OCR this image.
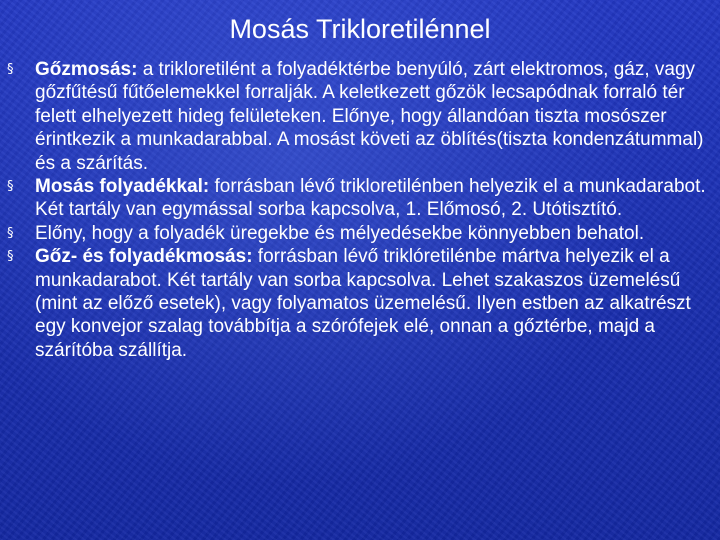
Mosás Trikloretilénnel
§ Gőzmosás: a trikloretilént a folyadéktérbe benyúló, zárt elektromos, gáz, vagy gőzfűtésű fűtőelemekkel forralják. A keletkezett gőzök lecsapódnak forraló tér felett elhelyezett hideg felületeken. Előnye, hogy állandóan tiszta mosószer érintkezik a munkadarabbal. A mosást követi az öblítés(tiszta kondenzátummal) és a szárítás.
§ Mosás folyadékkal: forrásban lévő trikloretilénben helyezik el a munkadarabot. Két tartály van egymással sorba kapcsolva, 1. Előmosó, 2. Utótisztító.
§ Előny, hogy a folyadék üregekbe és mélyedésekbe könnyebben behatol.
§ Gőz- és folyadékmosás: forrásban lévő triklóretilénbe mártva helyezik el a munkadarabot. Két tartály van sorba kapcsolva. Lehet szakaszos üzemelésű (mint az előző esetek), vagy folyamatos üzemelésű. Ilyen estben az alkatrészt egy konvejor szalag továbbítja a szórófejek elé, onnan a gőztérbe, majd a szárítóba szállítja.
